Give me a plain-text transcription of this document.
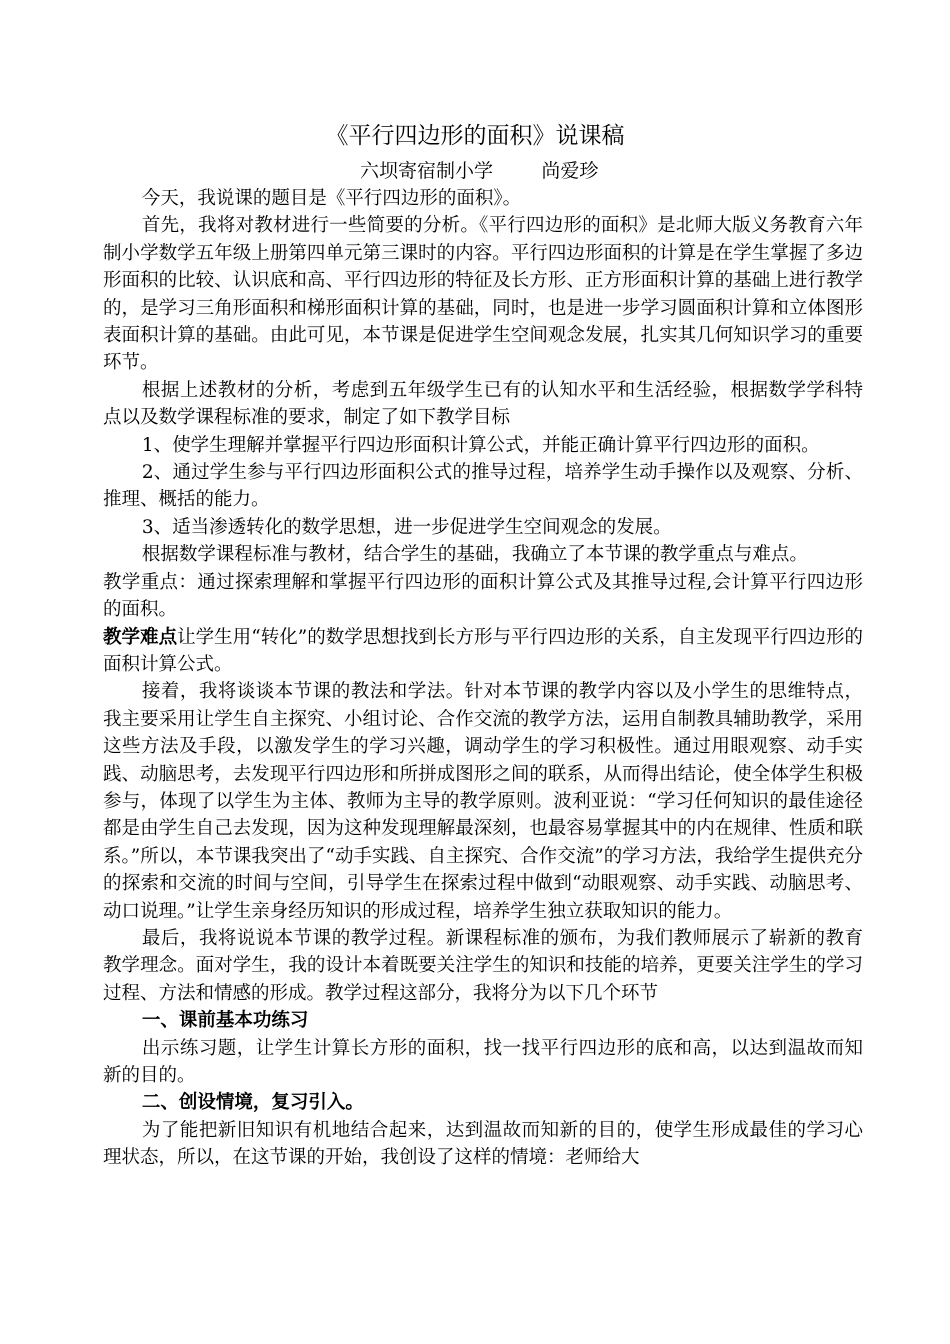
《平行四边形的面积》说课稿
六坝寄宿制小学        尚爱珍

今天，我说课的题目是《平行四边形的面积》。

首先，我将对教材进行一些简要的分析。《平行四边形的面积》是北师大版义务教育六年制小学数学五年级上册第四单元第三课时的内容。平行四边形面积的计算是在学生掌握了多边形面积的比较、认识底和高、平行四边形的特征及长方形、正方形面积计算的基础上进行教学的，是学习三角形面积和梯形面积计算的基础，同时，也是进一步学习圆面积计算和立体图形表面积计算的基础。由此可见，本节课是促进学生空间观念发展，扎实其几何知识学习的重要环节。

根据上述教材的分析，考虑到五年级学生已有的认知水平和生活经验，根据数学学科特点以及数学课程标准的要求，制定了如下教学目标

1、使学生理解并掌握平行四边形面积计算公式，并能正确计算平行四边形的面积。

2、通过学生参与平行四边形面积公式的推导过程，培养学生动手操作以及观察、分析、推理、概括的能力。

3、适当渗透转化的数学思想，进一步促进学生空间观念的发展。

根据数学课程标准与教材，结合学生的基础，我确立了本节课的教学重点与难点。

教学重点：通过探索理解和掌握平行四边形的面积计算公式及其推导过程,会计算平行四边形的面积。

教学难点让学生用“转化”的数学思想找到长方形与平行四边形的关系，自主发现平行四边形的面积计算公式。

接着，我将谈谈本节课的教法和学法。针对本节课的教学内容以及小学生的思维特点，我主要采用让学生自主探究、小组讨论、合作交流的教学方法，运用自制教具辅助教学，采用这些方法及手段，以激发学生的学习兴趣，调动学生的学习积极性。通过用眼观察、动手实践、动脑思考，去发现平行四边形和所拼成图形之间的联系，从而得出结论，使全体学生积极参与，体现了以学生为主体、教师为主导的教学原则。波利亚说：“学习任何知识的最佳途径都是由学生自己去发现，因为这种发现理解最深刻，也最容易掌握其中的内在规律、性质和联系。”所以，本节课我突出了“动手实践、自主探究、合作交流”的学习方法，我给学生提供充分的探索和交流的时间与空间，引导学生在探索过程中做到“动眼观察、动手实践、动脑思考、动口说理。”让学生亲身经历知识的形成过程，培养学生独立获取知识的能力。

最后，我将说说本节课的教学过程。新课程标准的颁布，为我们教师展示了崭新的教育教学理念。面对学生，我的设计本着既要关注学生的知识和技能的培养，更要关注学生的学习过程、方法和情感的形成。教学过程这部分，我将分为以下几个环节

一、课前基本功练习

出示练习题，让学生计算长方形的面积，找一找平行四边形的底和高，以达到温故而知新的目的。

二、创设情境，复习引入。

为了能把新旧知识有机地结合起来，达到温故而知新的目的，使学生形成最佳的学习心理状态，所以，在这节课的开始，我创设了这样的情境：老师给大
